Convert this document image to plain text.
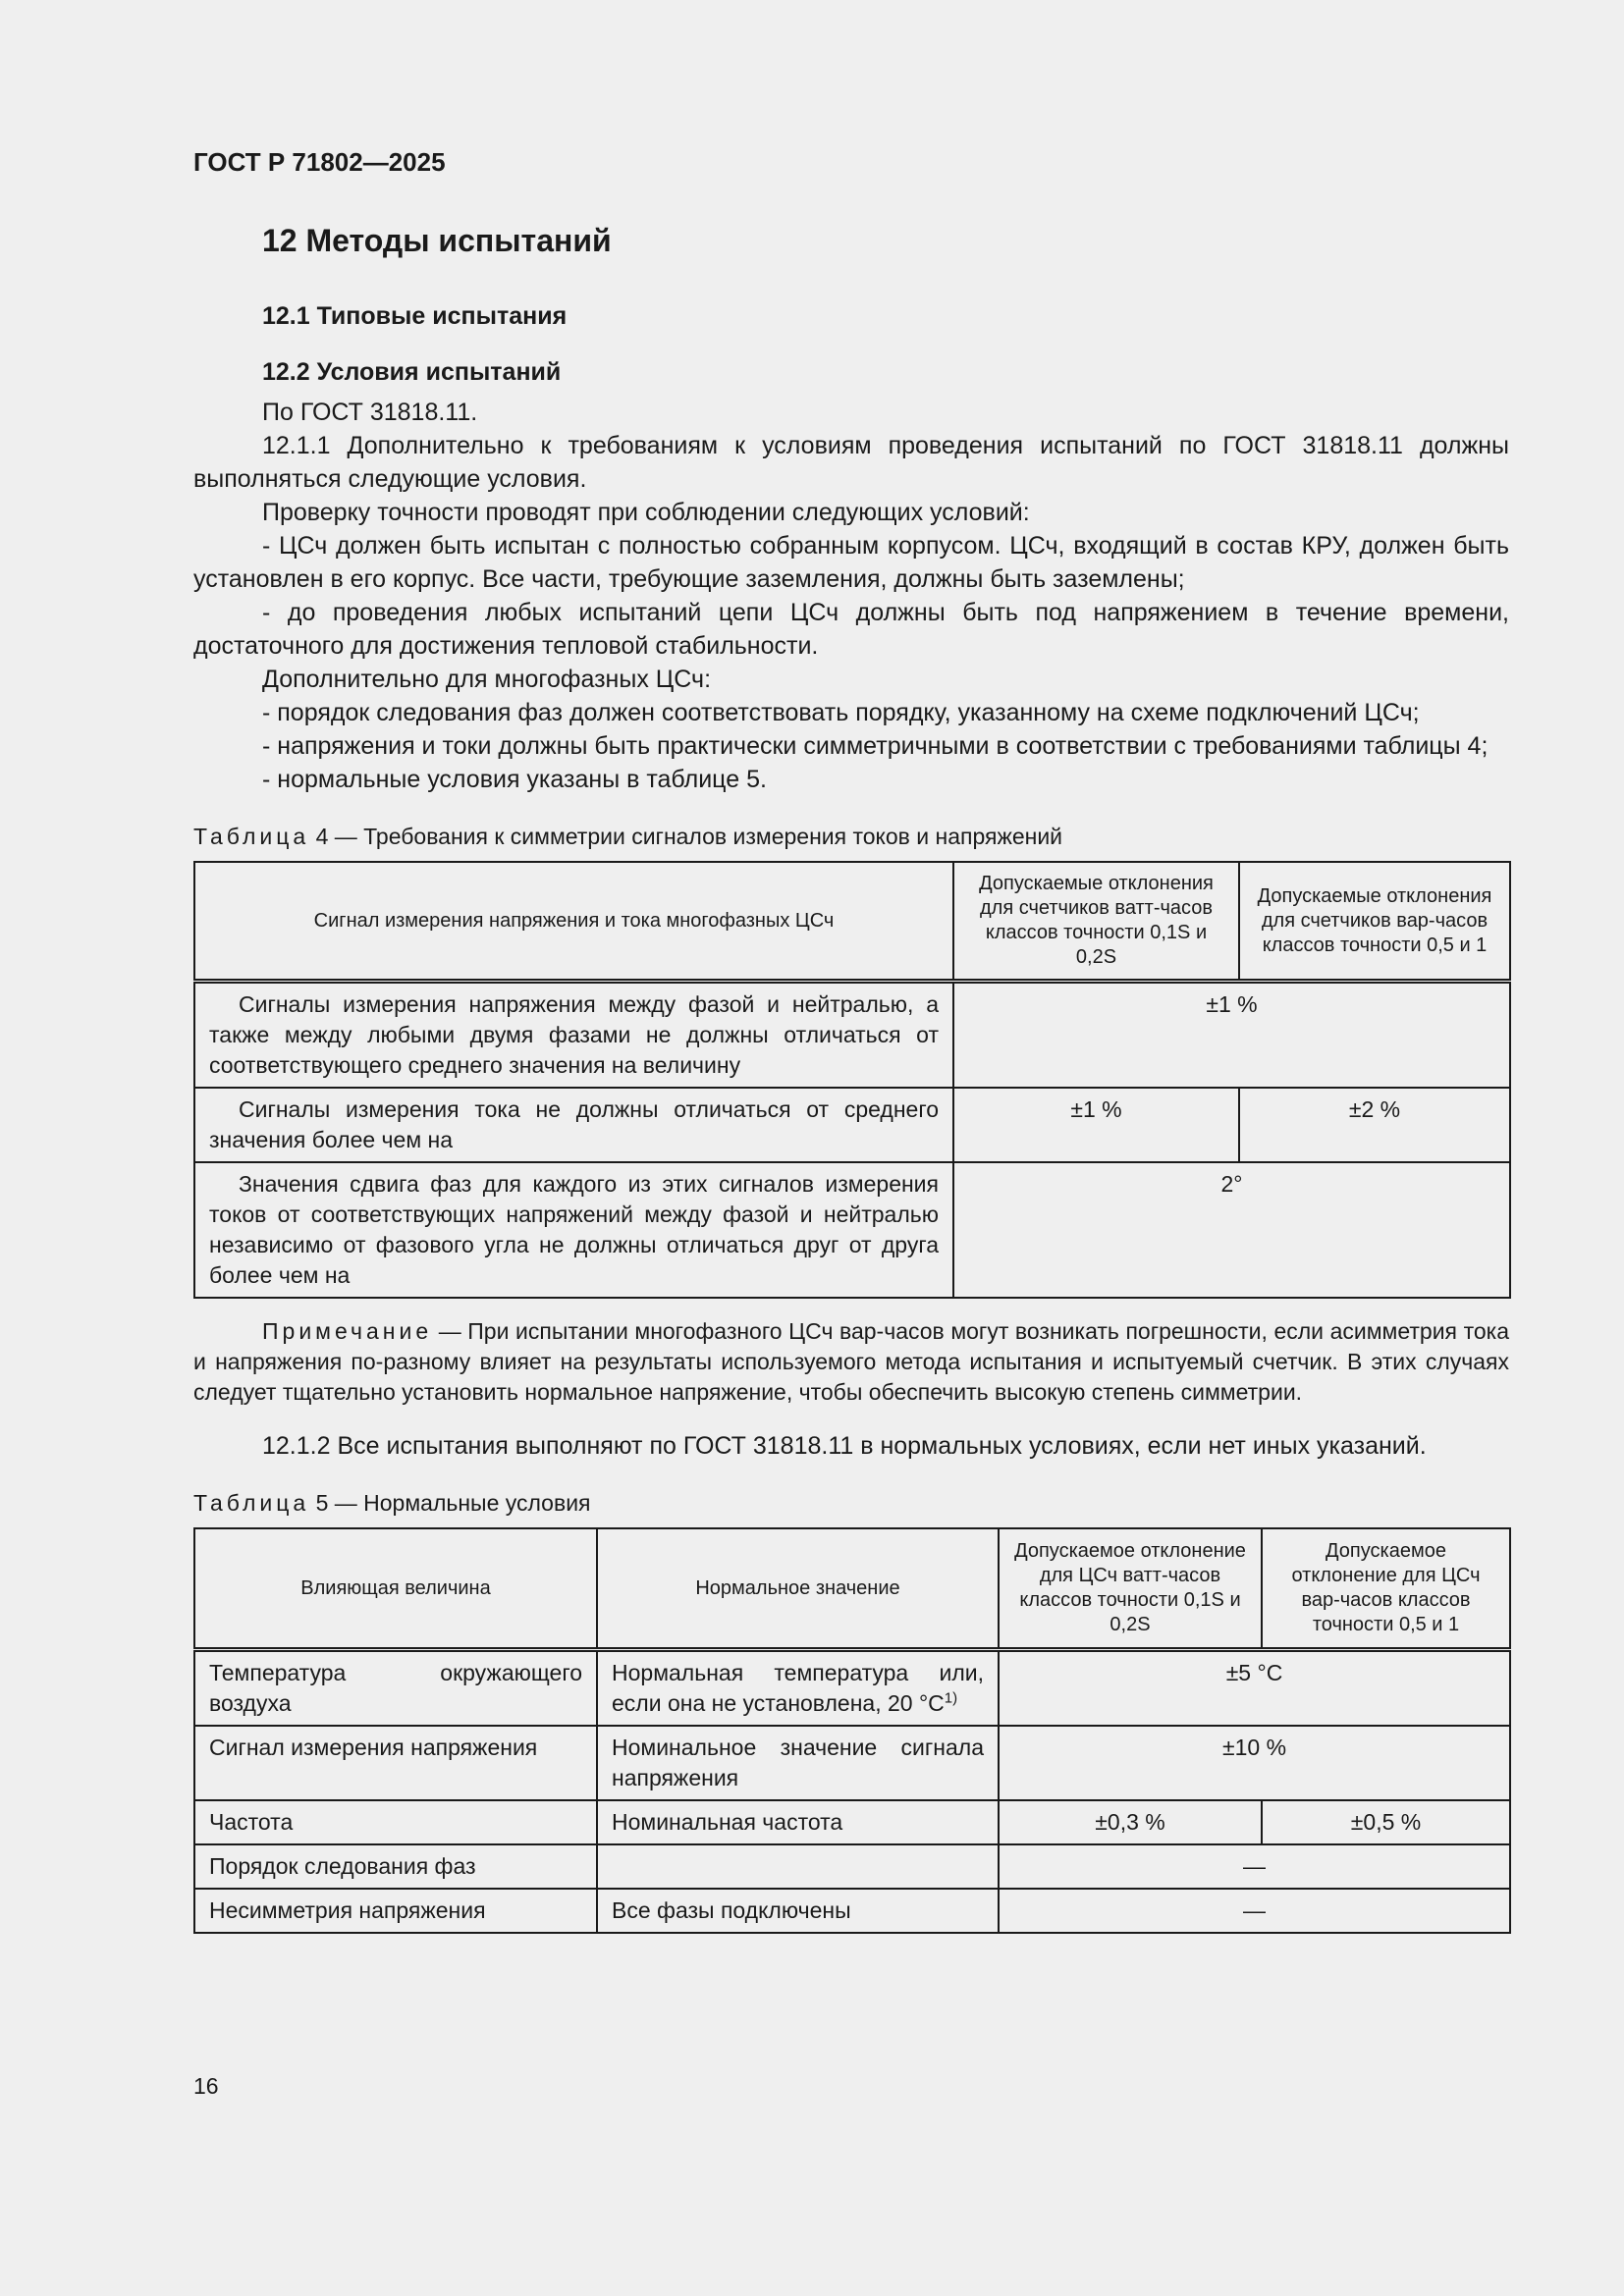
ГОСТ Р 71802—2025
12 Методы испытаний
12.1 Типовые испытания
12.2 Условия испытаний

По ГОСТ 31818.11.

12.1.1 Дополнительно к требованиям к условиям проведения испытаний по ГОСТ 31818.11 должны выполняться следующие условия.

Проверку точности проводят при соблюдении следующих условий:

- ЦСч должен быть испытан с полностью собранным корпусом. ЦСч, входящий в состав КРУ, должен быть установлен в его корпус. Все части, требующие заземления, должны быть заземлены;

- до проведения любых испытаний цепи ЦСч должны быть под напряжением в течение времени, достаточного для достижения тепловой стабильности.

Дополнительно для многофазных ЦСч:

- порядок следования фаз должен соответствовать порядку, указанному на схеме подключений ЦСч;

- напряжения и токи должны быть практически симметричными в соответствии с требованиями таблицы 4;

- нормальные условия указаны в таблице 5.

Таблица 4 — Требования к симметрии сигналов измерения токов и напряжений
Сигнал измерения напряжения и тока многофазных ЦСч	Допускаемые отклонения для счетчиков ватт-часов классов точности 0,1S и 0,2S	Допускаемые отклонения для счетчиков вар-часов классов точности 0,5 и 1
Сигналы измерения напряжения между фазой и нейтралью, а также между любыми двумя фазами не должны отличаться от соответствующего среднего значения на величину	±1 %	
Сигналы измерения тока не должны отличаться от среднего значения более чем на	±1 %	±2 %
Значения сдвига фаз для каждого из этих сигналов измерения токов от соответствующих напряжений между фазой и нейтралью независимо от фазового угла не должны отличаться друг от друга более чем на	2°	

Примечание — При испытании многофазного ЦСч вар-часов могут возникать погрешности, если асимметрия тока и напряжения по-разному влияет на результаты используемого метода испытания и испытуемый счетчик. В этих случаях следует тщательно установить нормальное напряжение, чтобы обеспечить высокую степень симметрии.

12.1.2 Все испытания выполняют по ГОСТ 31818.11 в нормальных условиях, если нет иных указаний.

Таблица 5 — Нормальные условия
Влияющая величина	Нормальное значение	Допускаемое отклонение для ЦСч ватт-часов классов точности 0,1S и 0,2S	Допускаемое отклонение для ЦСч вар-часов классов точности 0,5 и 1
Температура окружающего воздуха	Нормальная температура или, если она не установлена, 20 $^\circ C^{1)}$	±5 °C	
Сигнал измерения напряжения	Номинальное значение сигнала напряжения	±10 %	
Частота	Номинальная частота	±0,3 %	±0,5 %
Порядок следования фаз		—	
Несимметрия напряжения	Все фазы подключены	—	
16
